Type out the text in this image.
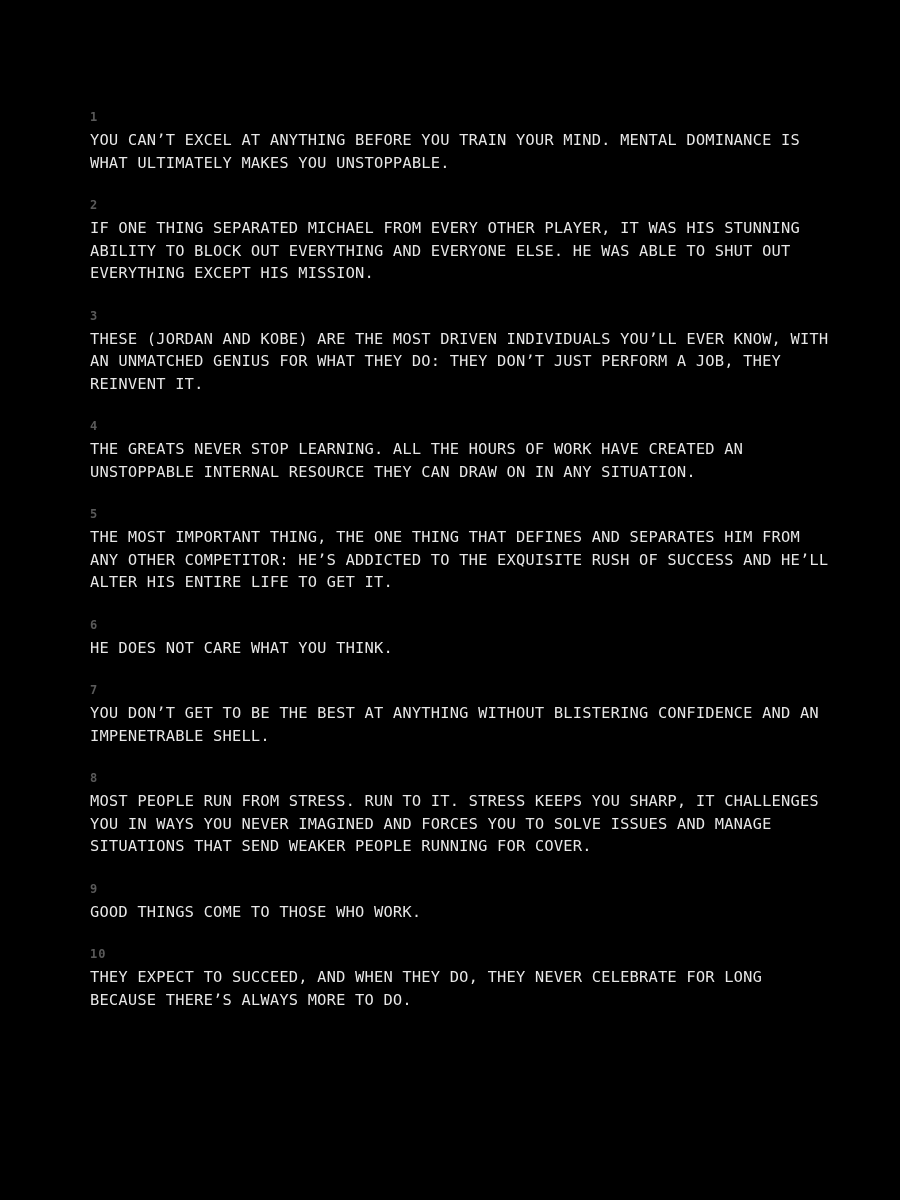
1
YOU CAN’T EXCEL AT ANYTHING BEFORE YOU TRAIN YOUR MIND. MENTAL DOMINANCE IS WHAT ULTIMATELY MAKES YOU UNSTOPPABLE.
2
IF ONE THING SEPARATED MICHAEL FROM EVERY OTHER PLAYER, IT WAS HIS STUNNING ABILITY TO BLOCK OUT EVERYTHING AND EVERYONE ELSE. HE WAS ABLE TO SHUT OUT EVERYTHING EXCEPT HIS MISSION.
3
THESE (JORDAN AND KOBE) ARE THE MOST DRIVEN INDIVIDUALS YOU’LL EVER KNOW, WITH AN UNMATCHED GENIUS FOR WHAT THEY DO: THEY DON’T JUST PERFORM A JOB, THEY REINVENT IT.
4
THE GREATS NEVER STOP LEARNING. ALL THE HOURS OF WORK HAVE CREATED AN UNSTOPPABLE INTERNAL RESOURCE THEY CAN DRAW ON IN ANY SITUATION.
5
THE MOST IMPORTANT THING, THE ONE THING THAT DEFINES AND SEPARATES HIM FROM ANY OTHER COMPETITOR: HE’S ADDICTED TO THE EXQUISITE RUSH OF SUCCESS AND HE’LL ALTER HIS ENTIRE LIFE TO GET IT.
6
HE DOES NOT CARE WHAT YOU THINK.
7
YOU DON’T GET TO BE THE BEST AT ANYTHING WITHOUT BLISTERING CONFIDENCE AND AN IMPENETRABLE SHELL.
8
MOST PEOPLE RUN FROM STRESS. RUN TO IT. STRESS KEEPS YOU SHARP, IT CHALLENGES YOU IN WAYS YOU NEVER IMAGINED AND FORCES YOU TO SOLVE ISSUES AND MANAGE SITUATIONS THAT SEND WEAKER PEOPLE RUNNING FOR COVER.
9
GOOD THINGS COME TO THOSE WHO WORK.
10
THEY EXPECT TO SUCCEED, AND WHEN THEY DO, THEY NEVER CELEBRATE FOR LONG BECAUSE THERE’S ALWAYS MORE TO DO.
